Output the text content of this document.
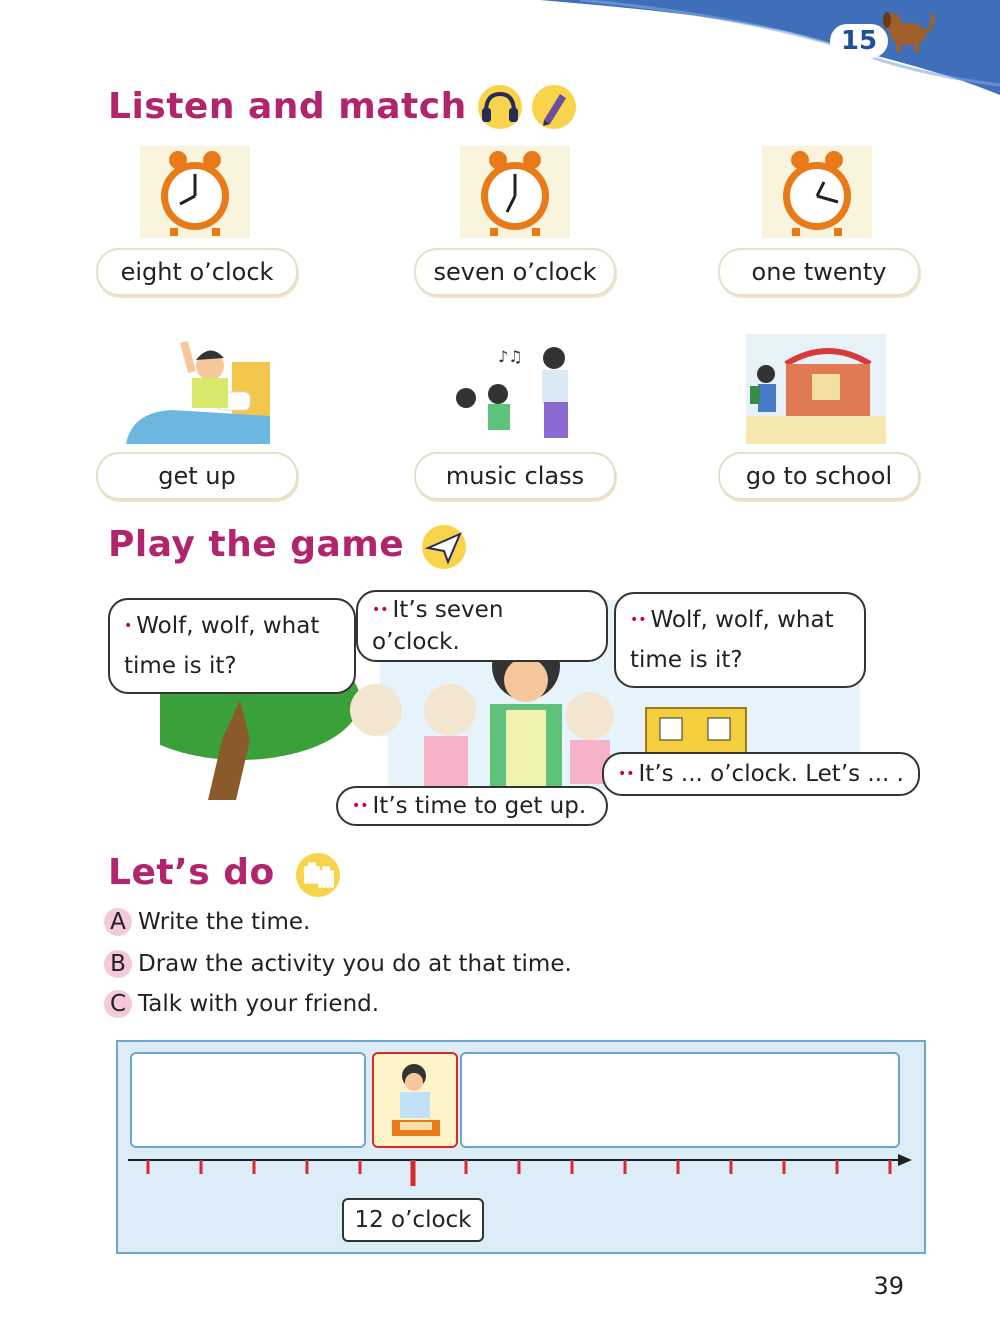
15
Listen and match
eight o’clock	seven o’clock	one twenty
♪♫
get up	music class	go to school
Play the game
• Wolf, wolf, what
time is it?
•• It’s seven o’clock.
•• Wolf, wolf, what
time is it?
•• It’s ... o’clock. Let’s ... .
•• It’s time to get up.
Let’s do
A Write the time.
B Draw the activity you do at that time.
C Talk with your friend.
12 o’clock
39
